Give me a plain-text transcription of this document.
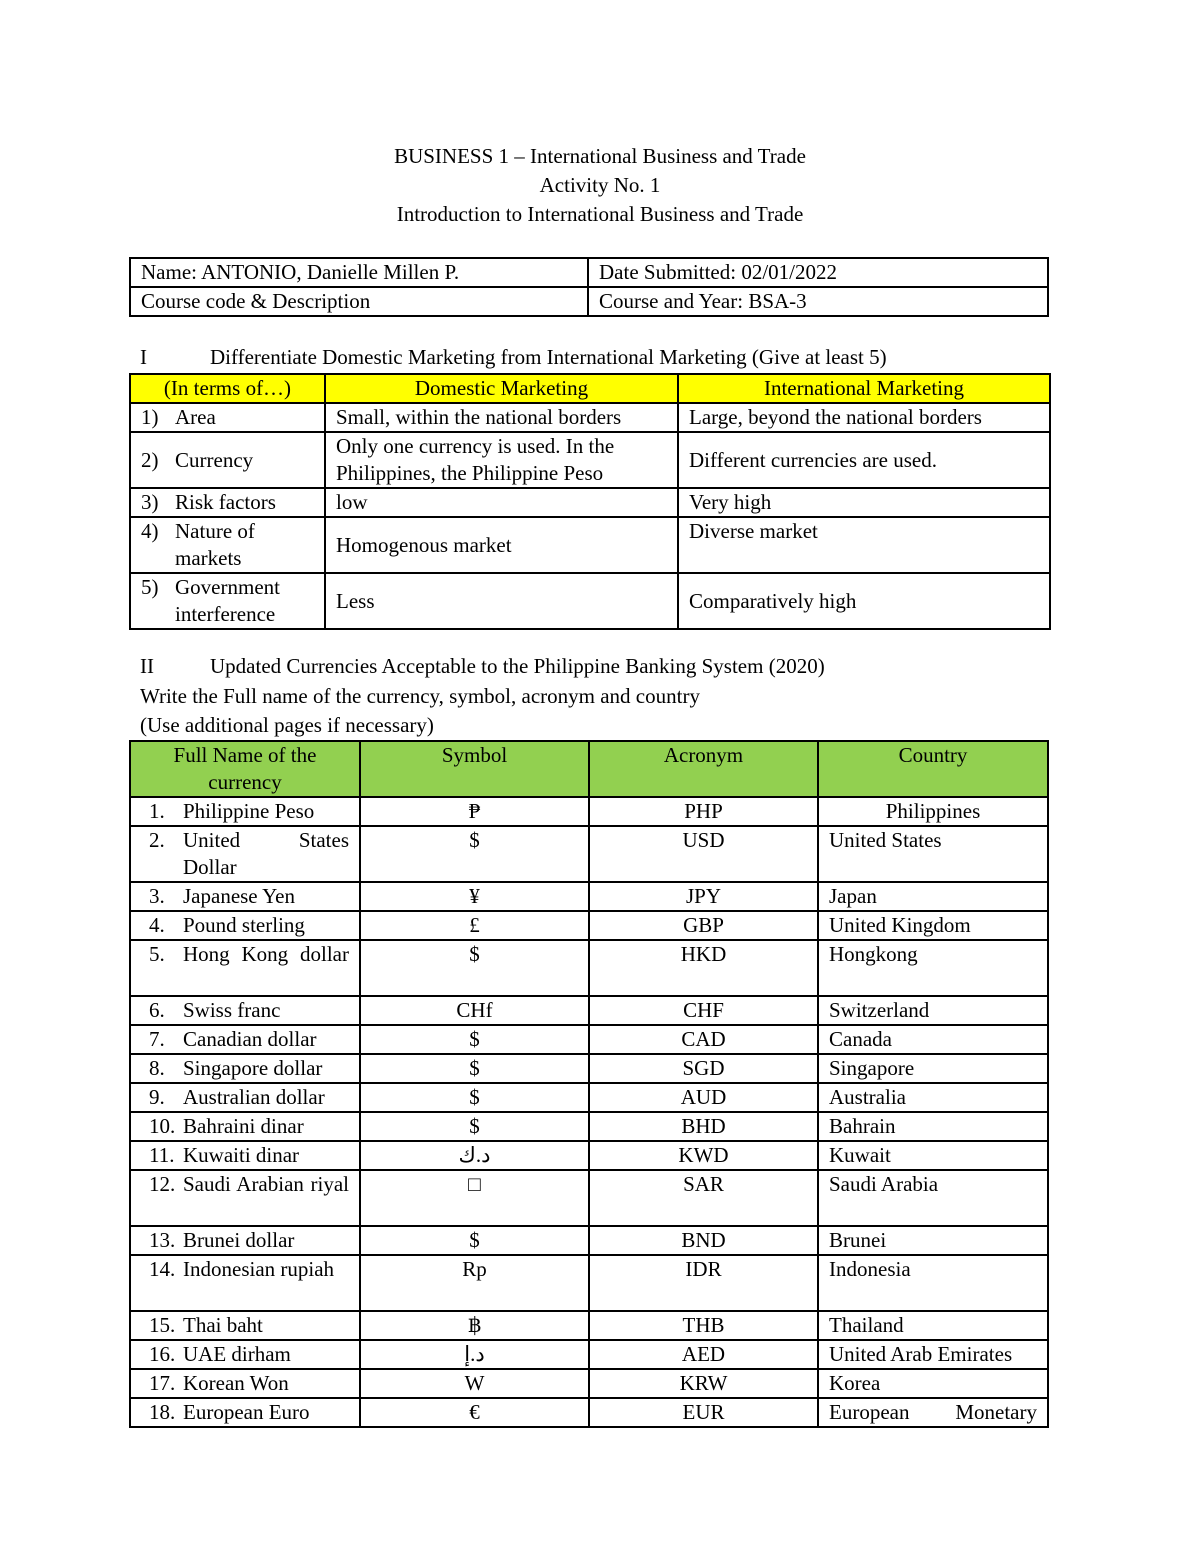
BUSINESS 1 – International Business and Trade
Activity No. 1
Introduction to International Business and Trade
Name: ANTONIO, Danielle Millen P.	Date Submitted: 02/01/2022
Course code & Description	Course and Year: BSA-3
I	Differentiate Domestic Marketing from International Marketing (Give at least 5)
(In terms of…)	Domestic Marketing	International Marketing

1) Area	Small, within the national borders	Large, beyond the national borders

2) Currency	Only one currency is used. In the Philippines, the Philippine Peso	Different currencies are used.

3) Risk factors	low	Very high

4) Nature of markets	Homogenous market	Diverse market

5) Government interference	Less	Comparatively high
II	Updated Currencies Acceptable to the Philippine Banking System (2020)
Write the Full name of the currency, symbol, acronym and country
(Use additional pages if necessary)
Full Name of the currency	Symbol	Acronym	Country

1. Philippine Peso	₱	PHP	Philippines

2. United States Dollar	$	USD	United States

3. Japanese Yen	¥	JPY	Japan

4. Pound sterling	£	GBP	United Kingdom

5. Hong Kong dollar	$	HKD	Hongkong

6. Swiss franc	CHf	CHF	Switzerland

7. Canadian dollar	$	CAD	Canada

8. Singapore dollar	$	SGD	Singapore

9. Australian dollar	$	AUD	Australia

10. Bahraini dinar	$	BHD	Bahrain

11. Kuwaiti dinar	د.ك	KWD	Kuwait

12. Saudi Arabian riyal	□	SAR	Saudi Arabia

13. Brunei dollar	$	BND	Brunei

14. Indonesian rupiah	Rp	IDR	Indonesia

15. Thai baht	฿	THB	Thailand

16. UAE dirham	د.إ	AED	United Arab Emirates

17. Korean Won	W	KRW	Korea

18. European Euro	€	EUR	European Monetary
